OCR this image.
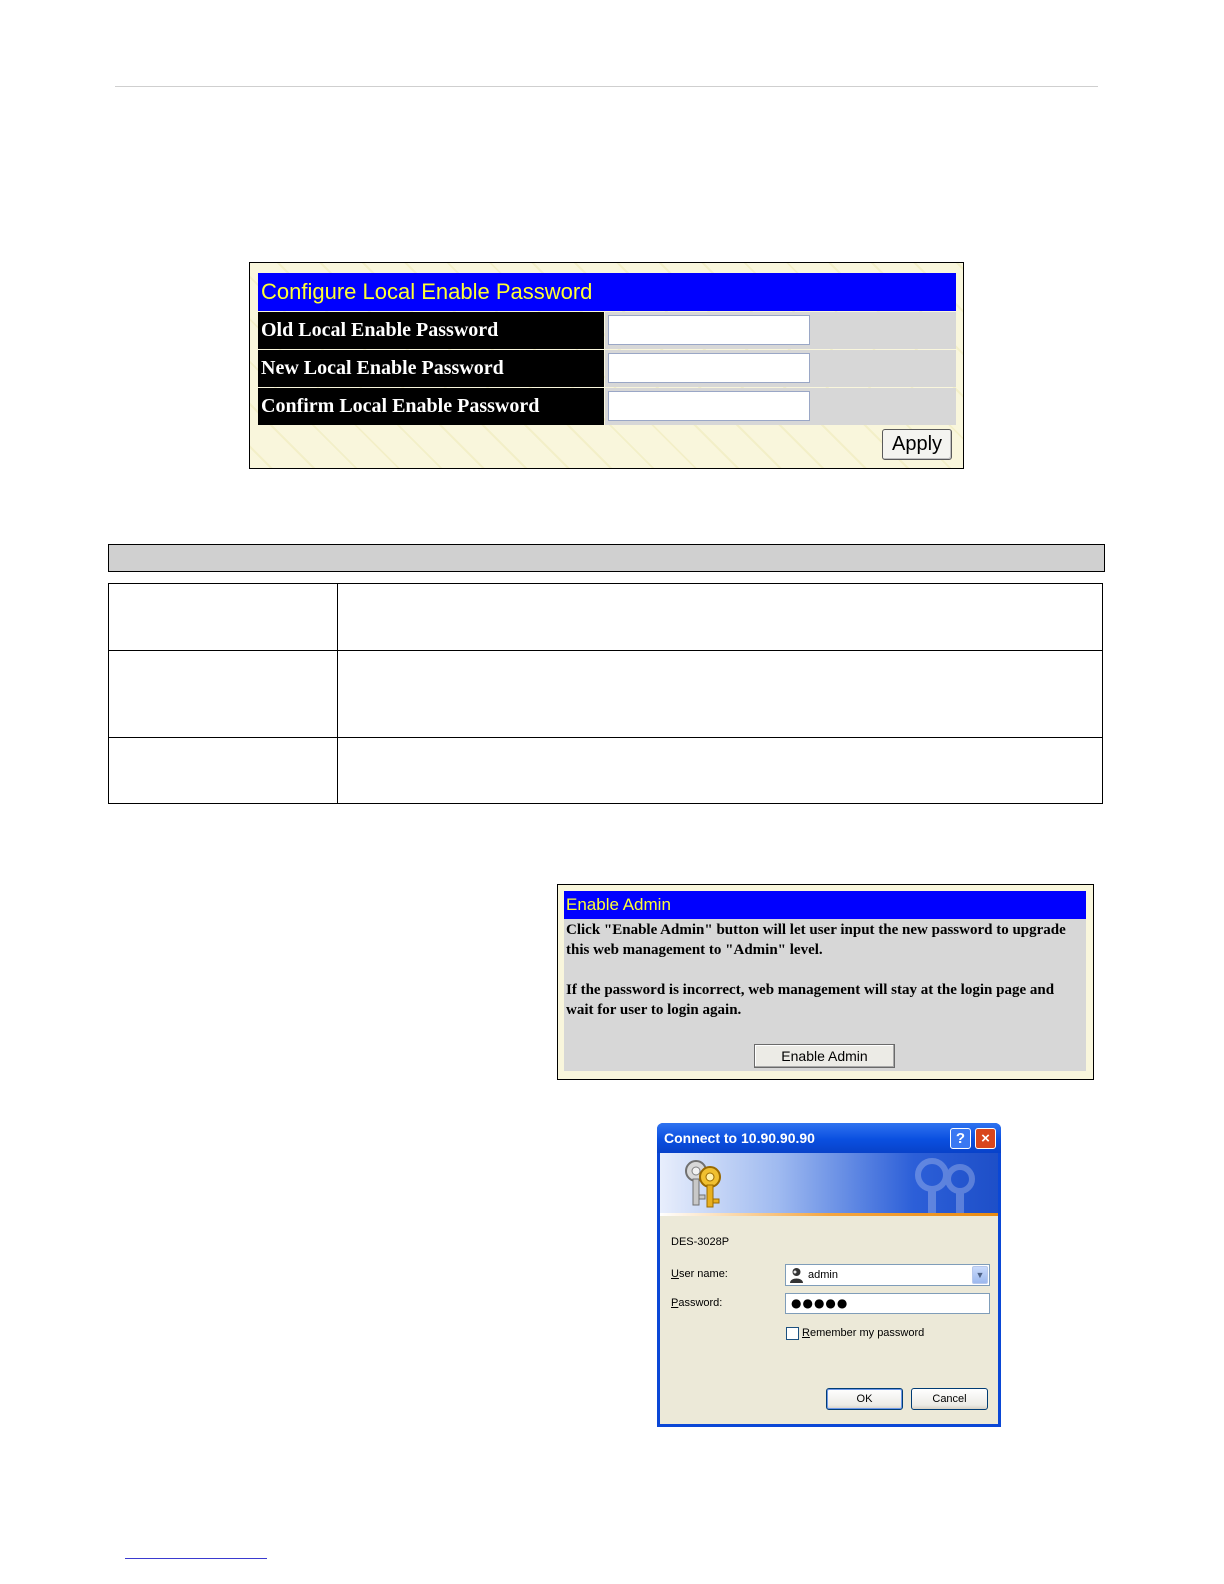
Configure Local Enable Password
Old Local Enable Password
New Local Enable Password
Confirm Local Enable Password
Apply
Enable Admin

Click "Enable Admin" button will let user input the new password to upgrade this web management to "Admin" level.

If the password is incorrect, web management will stay at the login page and wait for user to login again.

Enable Admin
Connect to 10.90.90.90	?	×
DES-3028P
User name:	admin	▼
Password:	●●●●●
Remember my password
OK	Cancel
